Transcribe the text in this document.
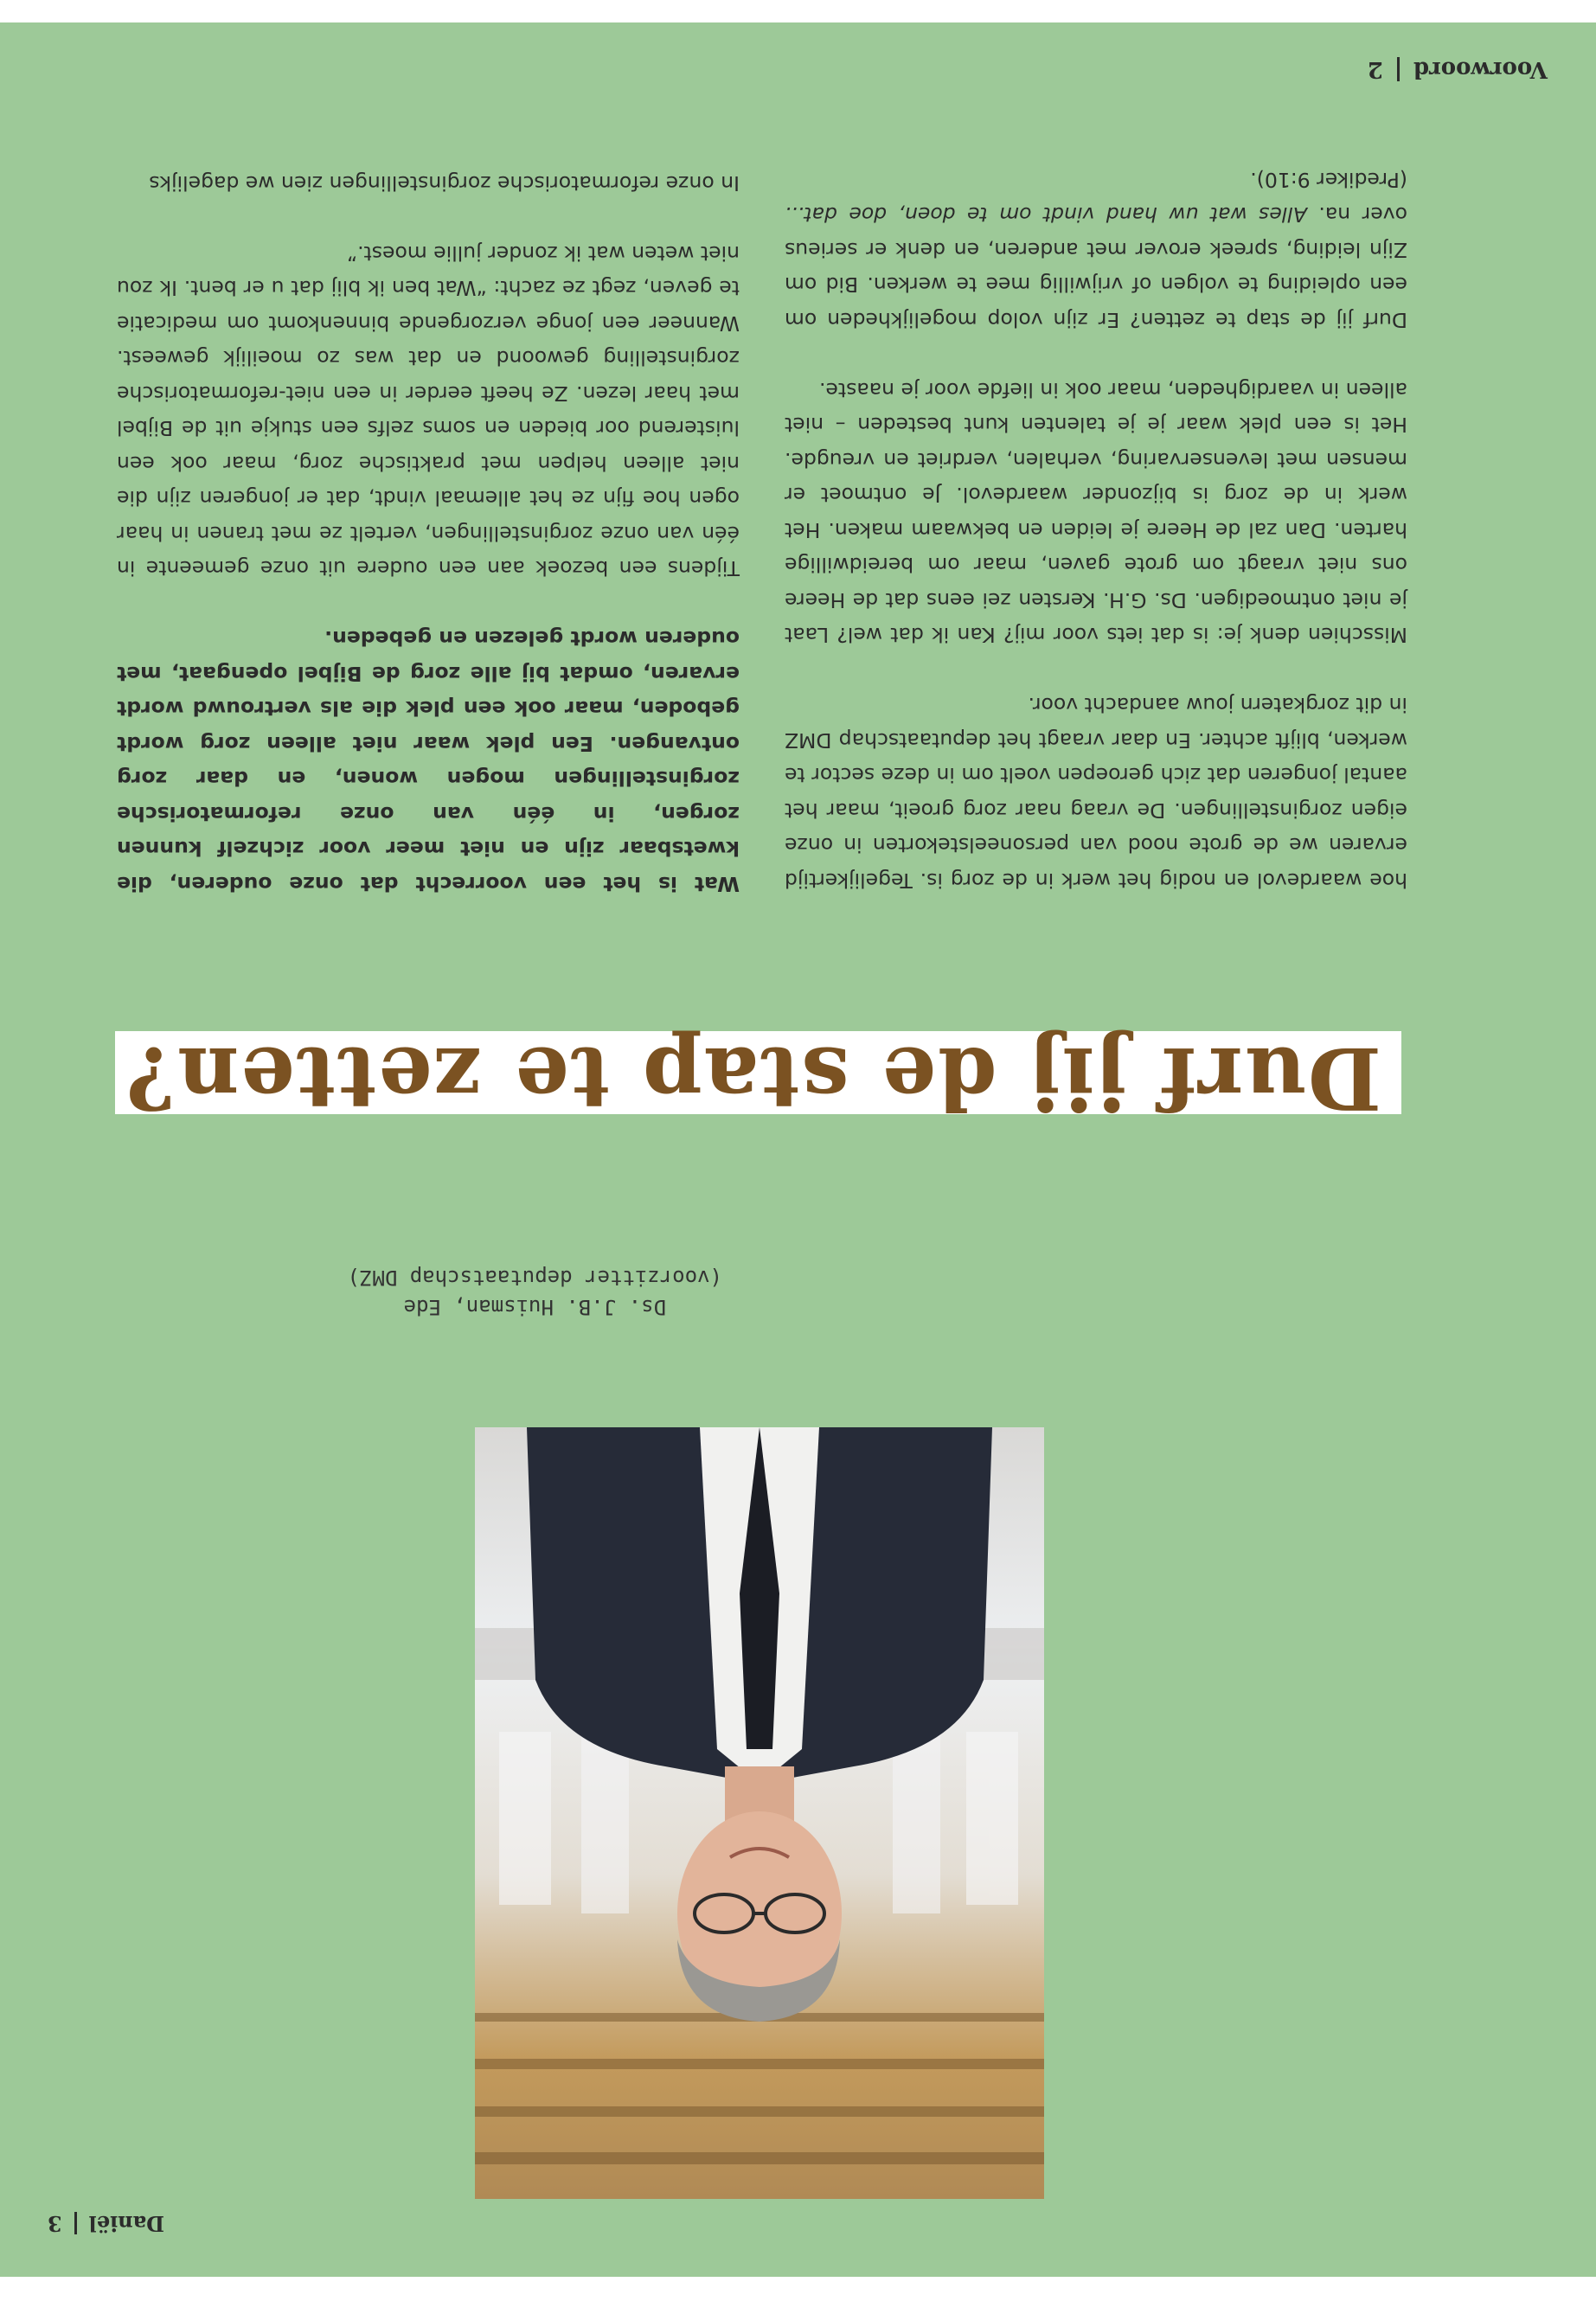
Daniël
3
Ds. J.B. Huisman, Ede
(voorzitter deputaatschap DMZ)
Durf jij de stap te zetten?

hoe waardevol en nodig het werk in de zorg is. Tegelijkertijd ervaren we de grote nood van personeelstekorten in onze eigen zorginstellingen. De vraag naar zorg groeit, maar het aantal jongeren dat zich geroepen voelt om in deze sector te werken, blijft achter. En daar vraagt het deputaatschap DMZ in dit zorgkatern jouw aandacht voor.

Misschien denk je: is dat iets voor mij? Kan ik dat wel? Laat je niet ontmoedigen. Ds. G.H. Kersten zei eens dat de Heere ons niet vraagt om grote gaven, maar om bereidwillige harten. Dan zal de Heere je leiden en bekwaam maken. Het werk in de zorg is bijzonder waardevol. Je ontmoet er mensen met levenservaring, verhalen, verdriet en vreugde. Het is een plek waar je je talenten kunt besteden – niet alleen in vaardigheden, maar ook in liefde voor je naaste.

Durf jij de stap te zetten? Er zijn volop mogelijkheden om een opleiding te volgen of vrijwillig mee te werken. Bid om Zijn leiding, spreek erover met anderen, en denk er serieus over na. Alles wat uw hand vindt om te doen, doe dat... (Prediker 9:10).

Wat is het een voorrecht dat onze ouderen, die kwetsbaar zijn en niet meer voor zichzelf kunnen zorgen, in één van onze reformatorische zorginstellingen mogen wonen, en daar zorg ontvangen. Een plek waar niet alleen zorg wordt geboden, maar ook een plek die als vertrouwd wordt ervaren, omdat bij alle zorg de Bijbel opengaat, met ouderen wordt gelezen en gebeden.

Tijdens een bezoek aan een oudere uit onze gemeente in één van onze zorginstellingen, vertelt ze met tranen in haar ogen hoe fijn ze het allemaal vindt, dat er jongeren zijn die niet alleen helpen met praktische zorg, maar ook een luisterend oor bieden en soms zelfs een stukje uit de Bijbel met haar lezen. Ze heeft eerder in een niet-reformatorische zorginstelling gewoond en dat was zo moeilijk geweest. Wanneer een jonge verzorgende binnenkomt om medicatie te geven, zegt ze zacht: “Wat ben ik blij dat u er bent. Ik zou niet weten wat ik zonder jullie moest.”

In onze reformatorische zorginstellingen zien we dagelijks

Voorwoord
2
